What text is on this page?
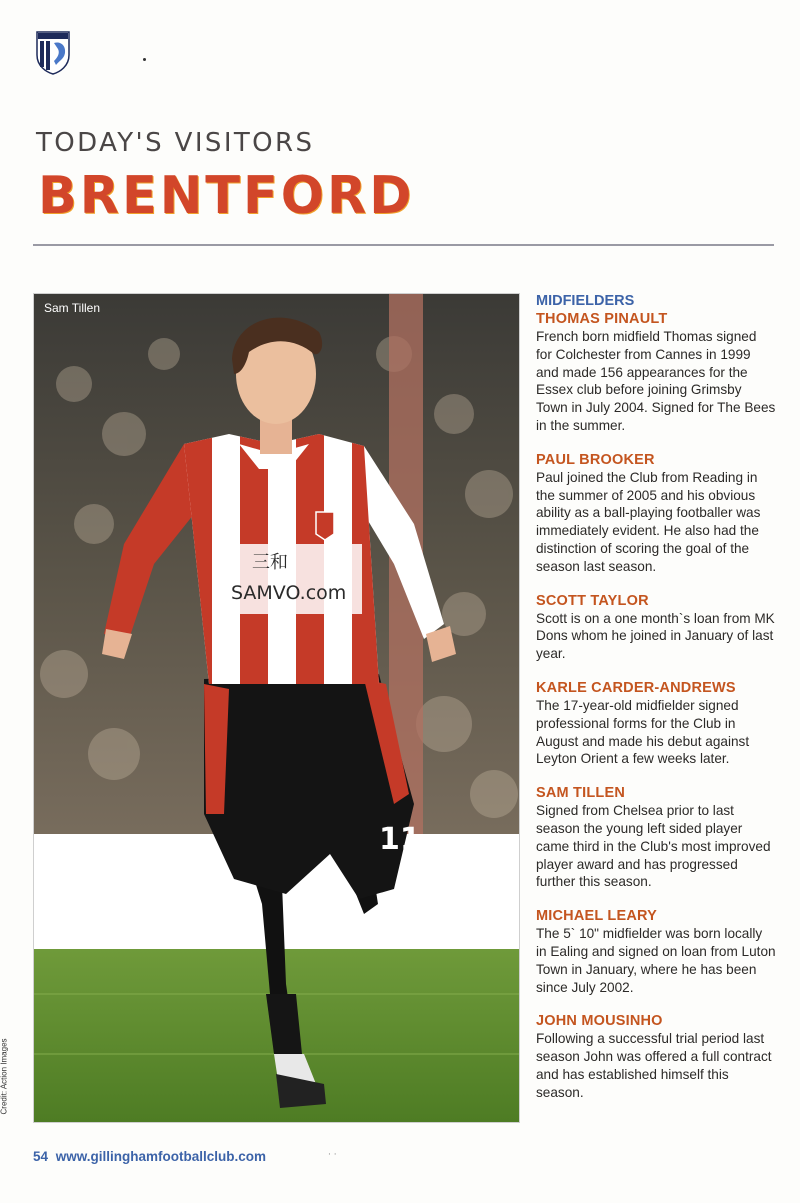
TODAY'S VISITORS
BRENTFORD
11
三和
SAMVO.com
Sam Tillen
Credit: Action Images
MIDFIELDERS
THOMAS PINAULT

French born midfield Thomas signed for Colchester from Cannes in 1999 and made 156 appearances for the Essex club before joining Grimsby Town in July 2004. Signed for The Bees in the summer.

PAUL BROOKER

Paul joined the Club from Reading in the summer of 2005 and his obvious ability as a ball-playing footballer was immediately evident. He also had the distinction of scoring the goal of the season last season.

SCOTT TAYLOR

Scott is on a one month`s loan from MK Dons whom he joined in January of last year.

KARLE CARDER-ANDREWS

The 17-year-old midfielder signed professional forms for the Club in August and made his debut against Leyton Orient a few weeks later.

SAM TILLEN

Signed from Chelsea prior to last season the young left sided player came third in the Club's most improved player award and has progressed further this season.

MICHAEL LEARY

The 5` 10" midfielder was born locally in Ealing and signed on loan from Luton Town in January, where he has been since July 2002.

JOHN MOUSINHO

Following a successful trial period last season John was offered a full contract and has established himself this season.

54 www.gillinghamfootballclub.com	· ·
